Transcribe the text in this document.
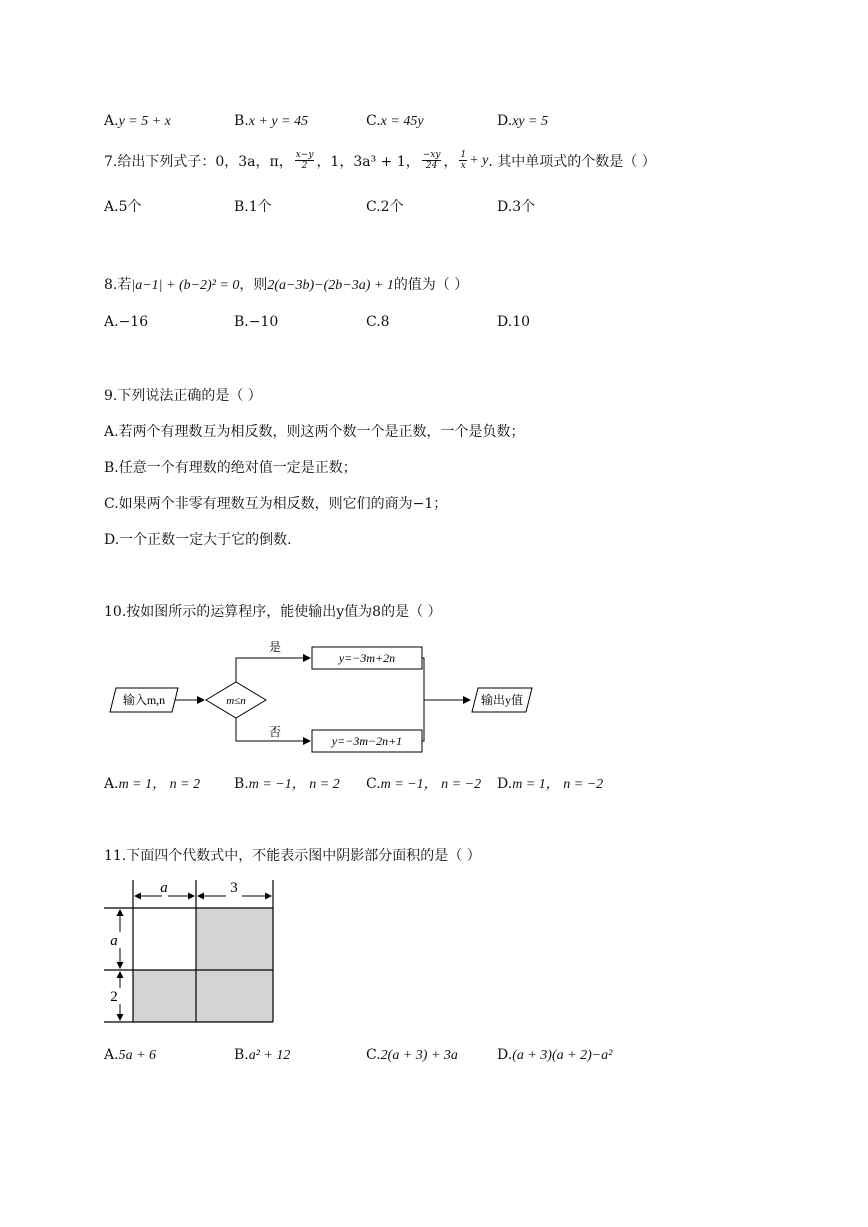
A.y = 5 + x	B.x + y = 45	C.x = 45y	D.xy = 5
7.给出下列式子：0，3a，π， x−y
2 ，1，3a³ + 1， −xy
24 ， 1
x + y . 其中单项式的个数是（ ）
A.5个	B.1个	C.2个	D.3个
8.若|a−1| + (b−2)² = 0，则2(a−3b)−(2b−3a) + 1的值为（ ）
A.−16	B.−10	C.8	D.10
9.下列说法正确的是（ ）
A.若两个有理数互为相反数，则这两个数一个是正数，一个是负数；
B.任意一个有理数的绝对值一定是正数；
C.如果两个非零有理数互为相反数，则它们的商为−1；
D.一个正数一定大于它的倒数.
10.按如图所示的运算程序，能使输出y值为8的是（ ）
输入m,n	m≤n
是
y=−3m+2n
否
y=−3m−2n+1
输出y值
A.m = 1， n = 2 B.m = −1， n = 2 C.m = −1， n = −2 D.m = 1， n = −2
11.下面四个代数式中，不能表示图中阴影部分面积的是（ ）
a	3
a
2
A.5a + 6	B.a² + 12	C.2(a + 3) + 3a	D.(a + 3)(a + 2)−a²
